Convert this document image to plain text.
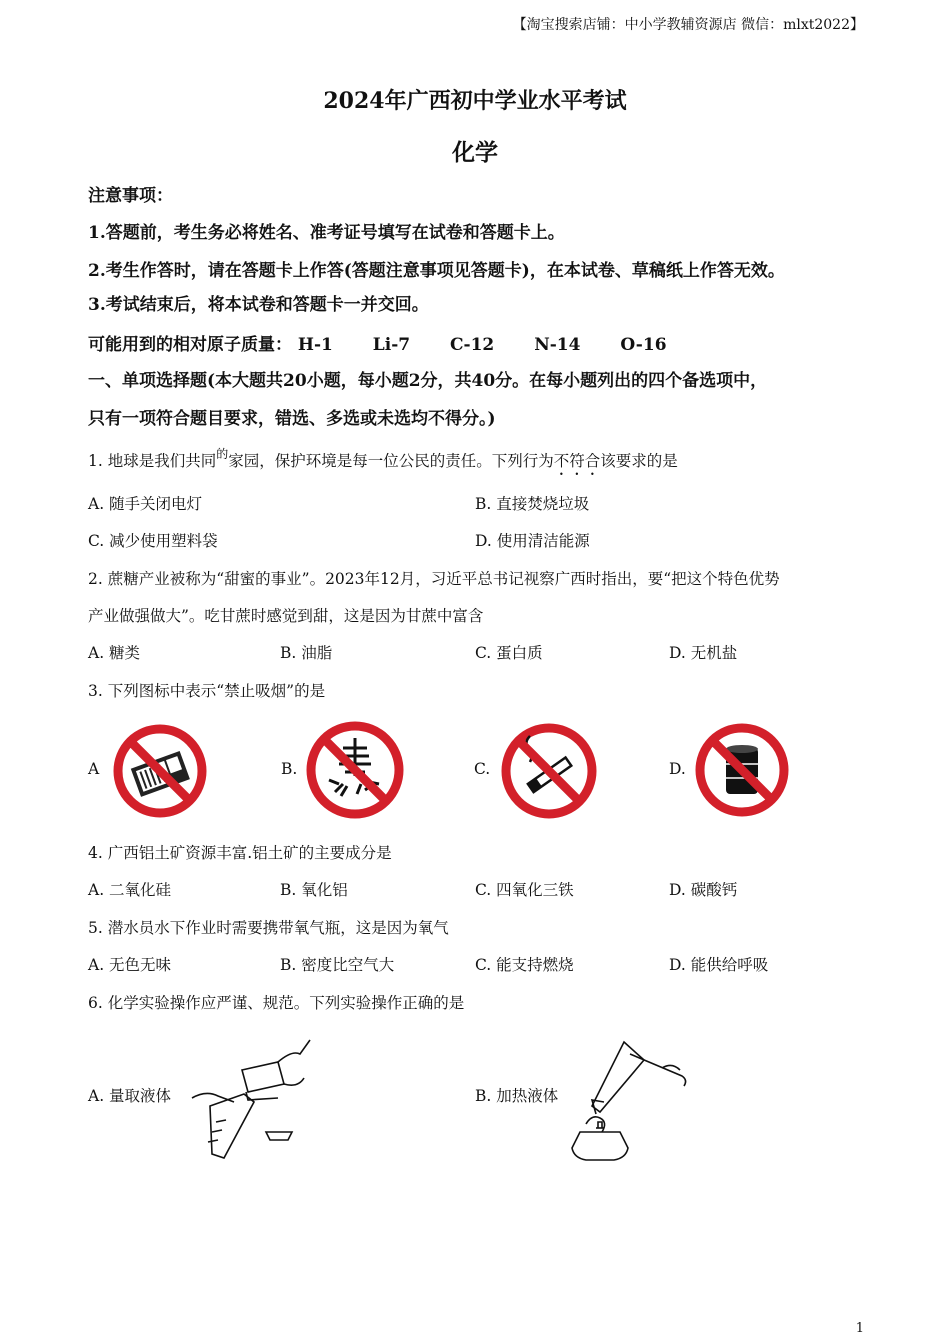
【淘宝搜索店铺：中小学教辅资源店 微信：mlxt2022】
2024年广西初中学业水平考试
化学
注意事项：
1.答题前，考生务必将姓名、准考证号填写在试卷和答题卡上。
2.考生作答时，请在答题卡上作答(答题注意事项见答题卡)，在本试卷、草稿纸上作答无效。
3.考试结束后，将本试卷和答题卡一并交回。
可能用到的相对原子质量： H-1 Li-7 C-12 N-14 O-16
一、单项选择题(本大题共20小题，每小题2分，共40分。在每小题列出的四个备选项中，
只有一项符合题目要求，错选、多选或未选均不得分。)
1. 地球是我们共同$^的$家园，保护环境是每一位公民的责任。下列行为不符合该要求的是
A. 随手关闭电灯	B. 直接焚烧垃圾
C. 减少使用塑料袋	D. 使用清洁能源
2. 蔗糖产业被称为“甜蜜的事业”。2023年12月，习近平总书记视察广西时指出，要“把这个特色优势
产业做强做大”。吃甘蔗时感觉到甜，这是因为甘蔗中富含
A. 糖类	B. 油脂	C. 蛋白质	D. 无机盐
3. 下列图标中表示“禁止吸烟”的是
A	B.	C.	D.
4. 广西铝土矿资源丰富.铝土矿的主要成分是
A. 二氧化硅	B. 氧化铝	C. 四氧化三铁	D. 碳酸钙
5. 潜水员水下作业时需要携带氧气瓶，这是因为氧气
A. 无色无味	B. 密度比空气大	C. 能支持燃烧	D. 能供给呼吸
6. 化学实验操作应严谨、规范。下列实验操作正确的是
A. 量取液体	B. 加热液体
1
